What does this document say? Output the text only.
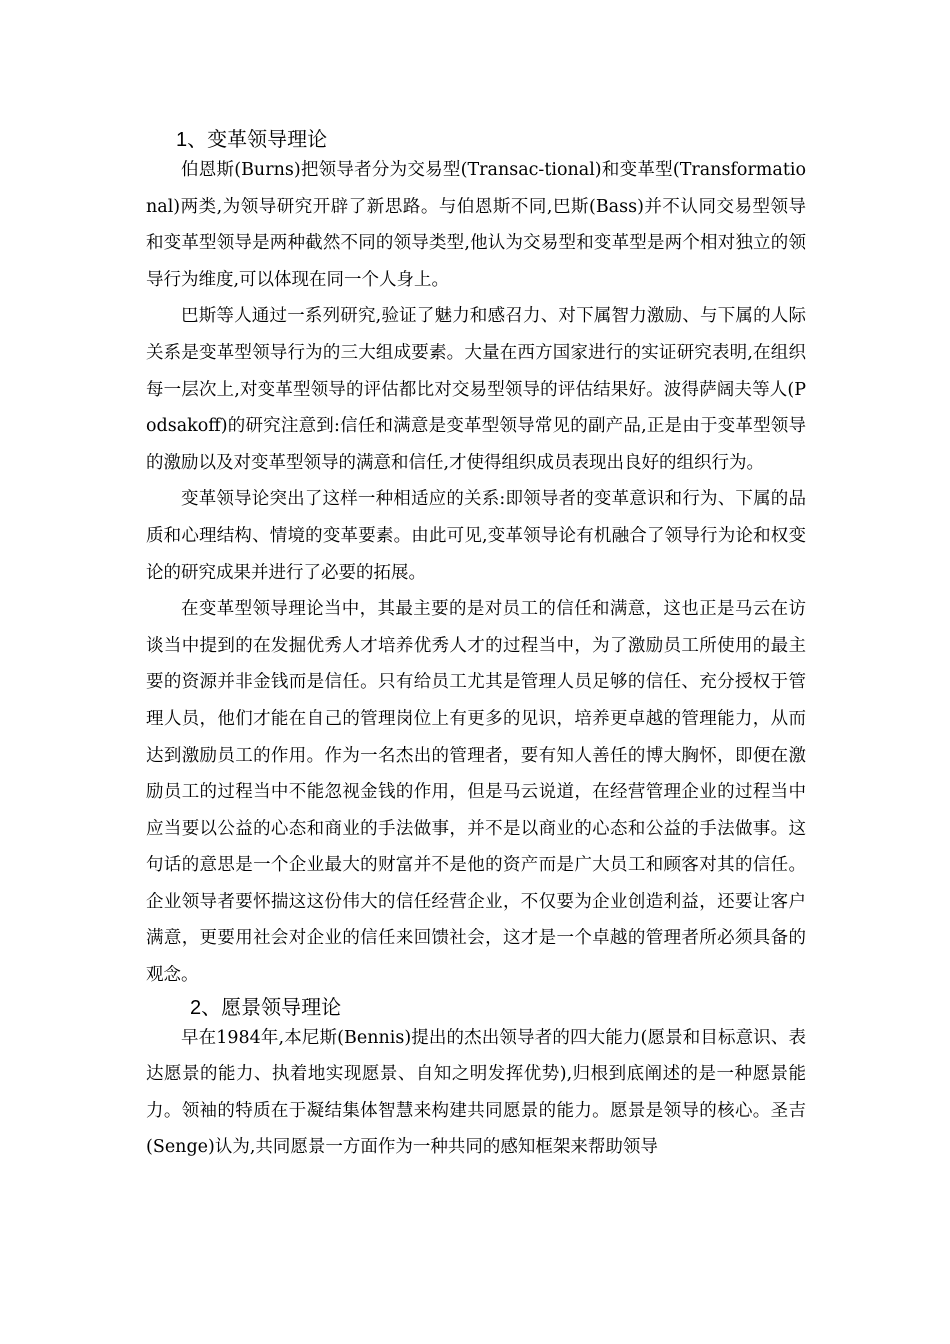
1、变革领导理论

伯恩斯(Burns)把领导者分为交易型(Transac-tional)和变革型(Transformational)两类,为领导研究开辟了新思路。与伯恩斯不同,巴斯(Bass)并不认同交易型领导和变革型领导是两种截然不同的领导类型,他认为交易型和变革型是两个相对独立的领导行为维度,可以体现在同一个人身上。

巴斯等人通过一系列研究,验证了魅力和感召力、对下属智力激励、与下属的人际关系是变革型领导行为的三大组成要素。大量在西方国家进行的实证研究表明,在组织每一层次上,对变革型领导的评估都比对交易型领导的评估结果好。波得萨阔夫等人(Podsakoff)的研究注意到:信任和满意是变革型领导常见的副产品,正是由于变革型领导的激励以及对变革型领导的满意和信任,才使得组织成员表现出良好的组织行为。

变革领导论突出了这样一种相适应的关系:即领导者的变革意识和行为、下属的品质和心理结构、情境的变革要素。由此可见,变革领导论有机融合了领导行为论和权变论的研究成果并进行了必要的拓展。

在变革型领导理论当中，其最主要的是对员工的信任和满意，这也正是马云在访谈当中提到的在发掘优秀人才培养优秀人才的过程当中，为了激励员工所使用的最主要的资源并非金钱而是信任。只有给员工尤其是管理人员足够的信任、充分授权于管理人员，他们才能在自己的管理岗位上有更多的见识，培养更卓越的管理能力，从而达到激励员工的作用。作为一名杰出的管理者，要有知人善任的博大胸怀，即便在激励员工的过程当中不能忽视金钱的作用，但是马云说道，在经营管理企业的过程当中应当要以公益的心态和商业的手法做事，并不是以商业的心态和公益的手法做事。这句话的意思是一个企业最大的财富并不是他的资产而是广大员工和顾客对其的信任。企业领导者要怀揣这这份伟大的信任经营企业，不仅要为企业创造利益，还要让客户满意，更要用社会对企业的信任来回馈社会，这才是一个卓越的管理者所必须具备的观念。

2、愿景领导理论

早在1984年,本尼斯(Bennis)提出的杰出领导者的四大能力(愿景和目标意识、表达愿景的能力、执着地实现愿景、自知之明发挥优势),归根到底阐述的是一种愿景能力。领袖的特质在于凝结集体智慧来构建共同愿景的能力。愿景是领导的核心。圣吉(Senge)认为,共同愿景一方面作为一种共同的感知框架来帮助领导
